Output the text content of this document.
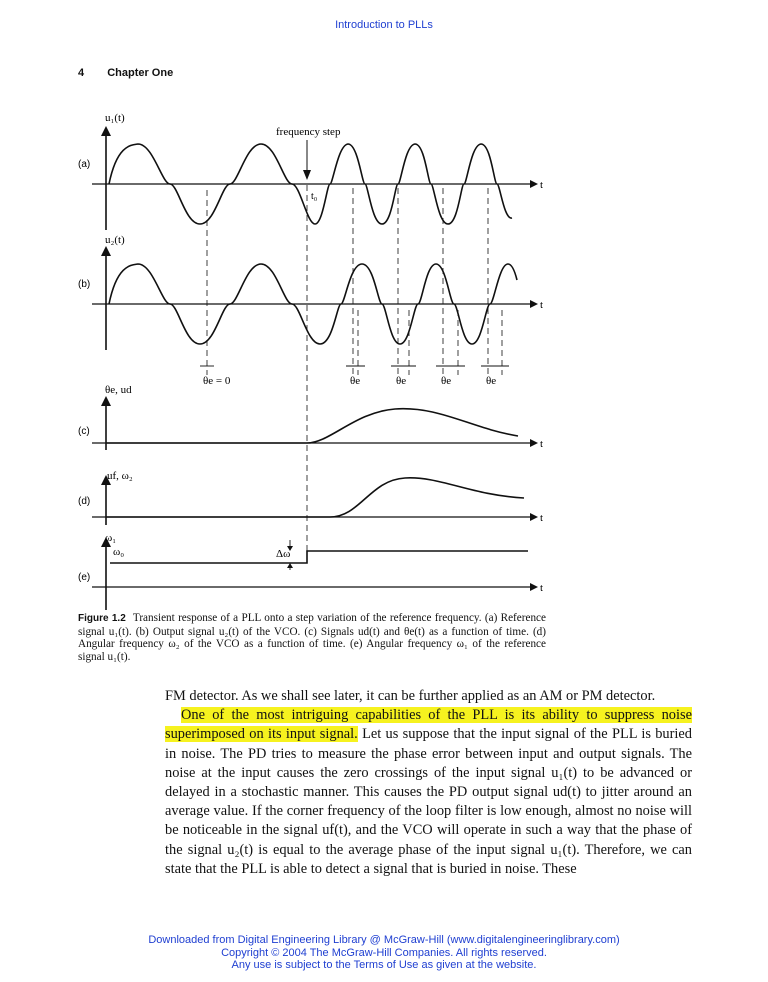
Introduction to PLLs
4 Chapter One
(a)
(b)
(c)
(d)
(e)
u₁(t)
u₂(t)
θe, ud
uf, ω₂
ω₁
ω₀
t
t
t
t
t
frequency step
t₀
θe = 0	θe	θe	θe	θe
Δω
Figure 1.2 Transient response of a PLL onto a step variation of the reference frequency. (a) Reference signal u₁(t). (b) Output signal u₂(t) of the VCO. (c) Signals ud(t) and θe(t) as a function of time. (d) Angular frequency ω₂ of the VCO as a function of time. (e) Angular frequency ω₁ of the reference signal u₁(t).

FM detector. As we shall see later, it can be further applied as an AM or PM detector.

One of the most intriguing capabilities of the PLL is its ability to suppress noise superimposed on its input signal. Let us suppose that the input signal of the PLL is buried in noise. The PD tries to measure the phase error between input and output signals. The noise at the input causes the zero crossings of the input signal u₁(t) to be advanced or delayed in a stochastic manner. This causes the PD output signal ud(t) to jitter around an average value. If the corner frequency of the loop filter is low enough, almost no noise will be noticeable in the signal uf(t), and the VCO will operate in such a way that the phase of the signal u₂(t) is equal to the average phase of the input signal u₁(t). Therefore, we can state that the PLL is able to detect a signal that is buried in noise. These

Downloaded from Digital Engineering Library @ McGraw-Hill (www.digitalengineeringlibrary.com)
Copyright © 2004 The McGraw-Hill Companies. All rights reserved.
Any use is subject to the Terms of Use as given at the website.
